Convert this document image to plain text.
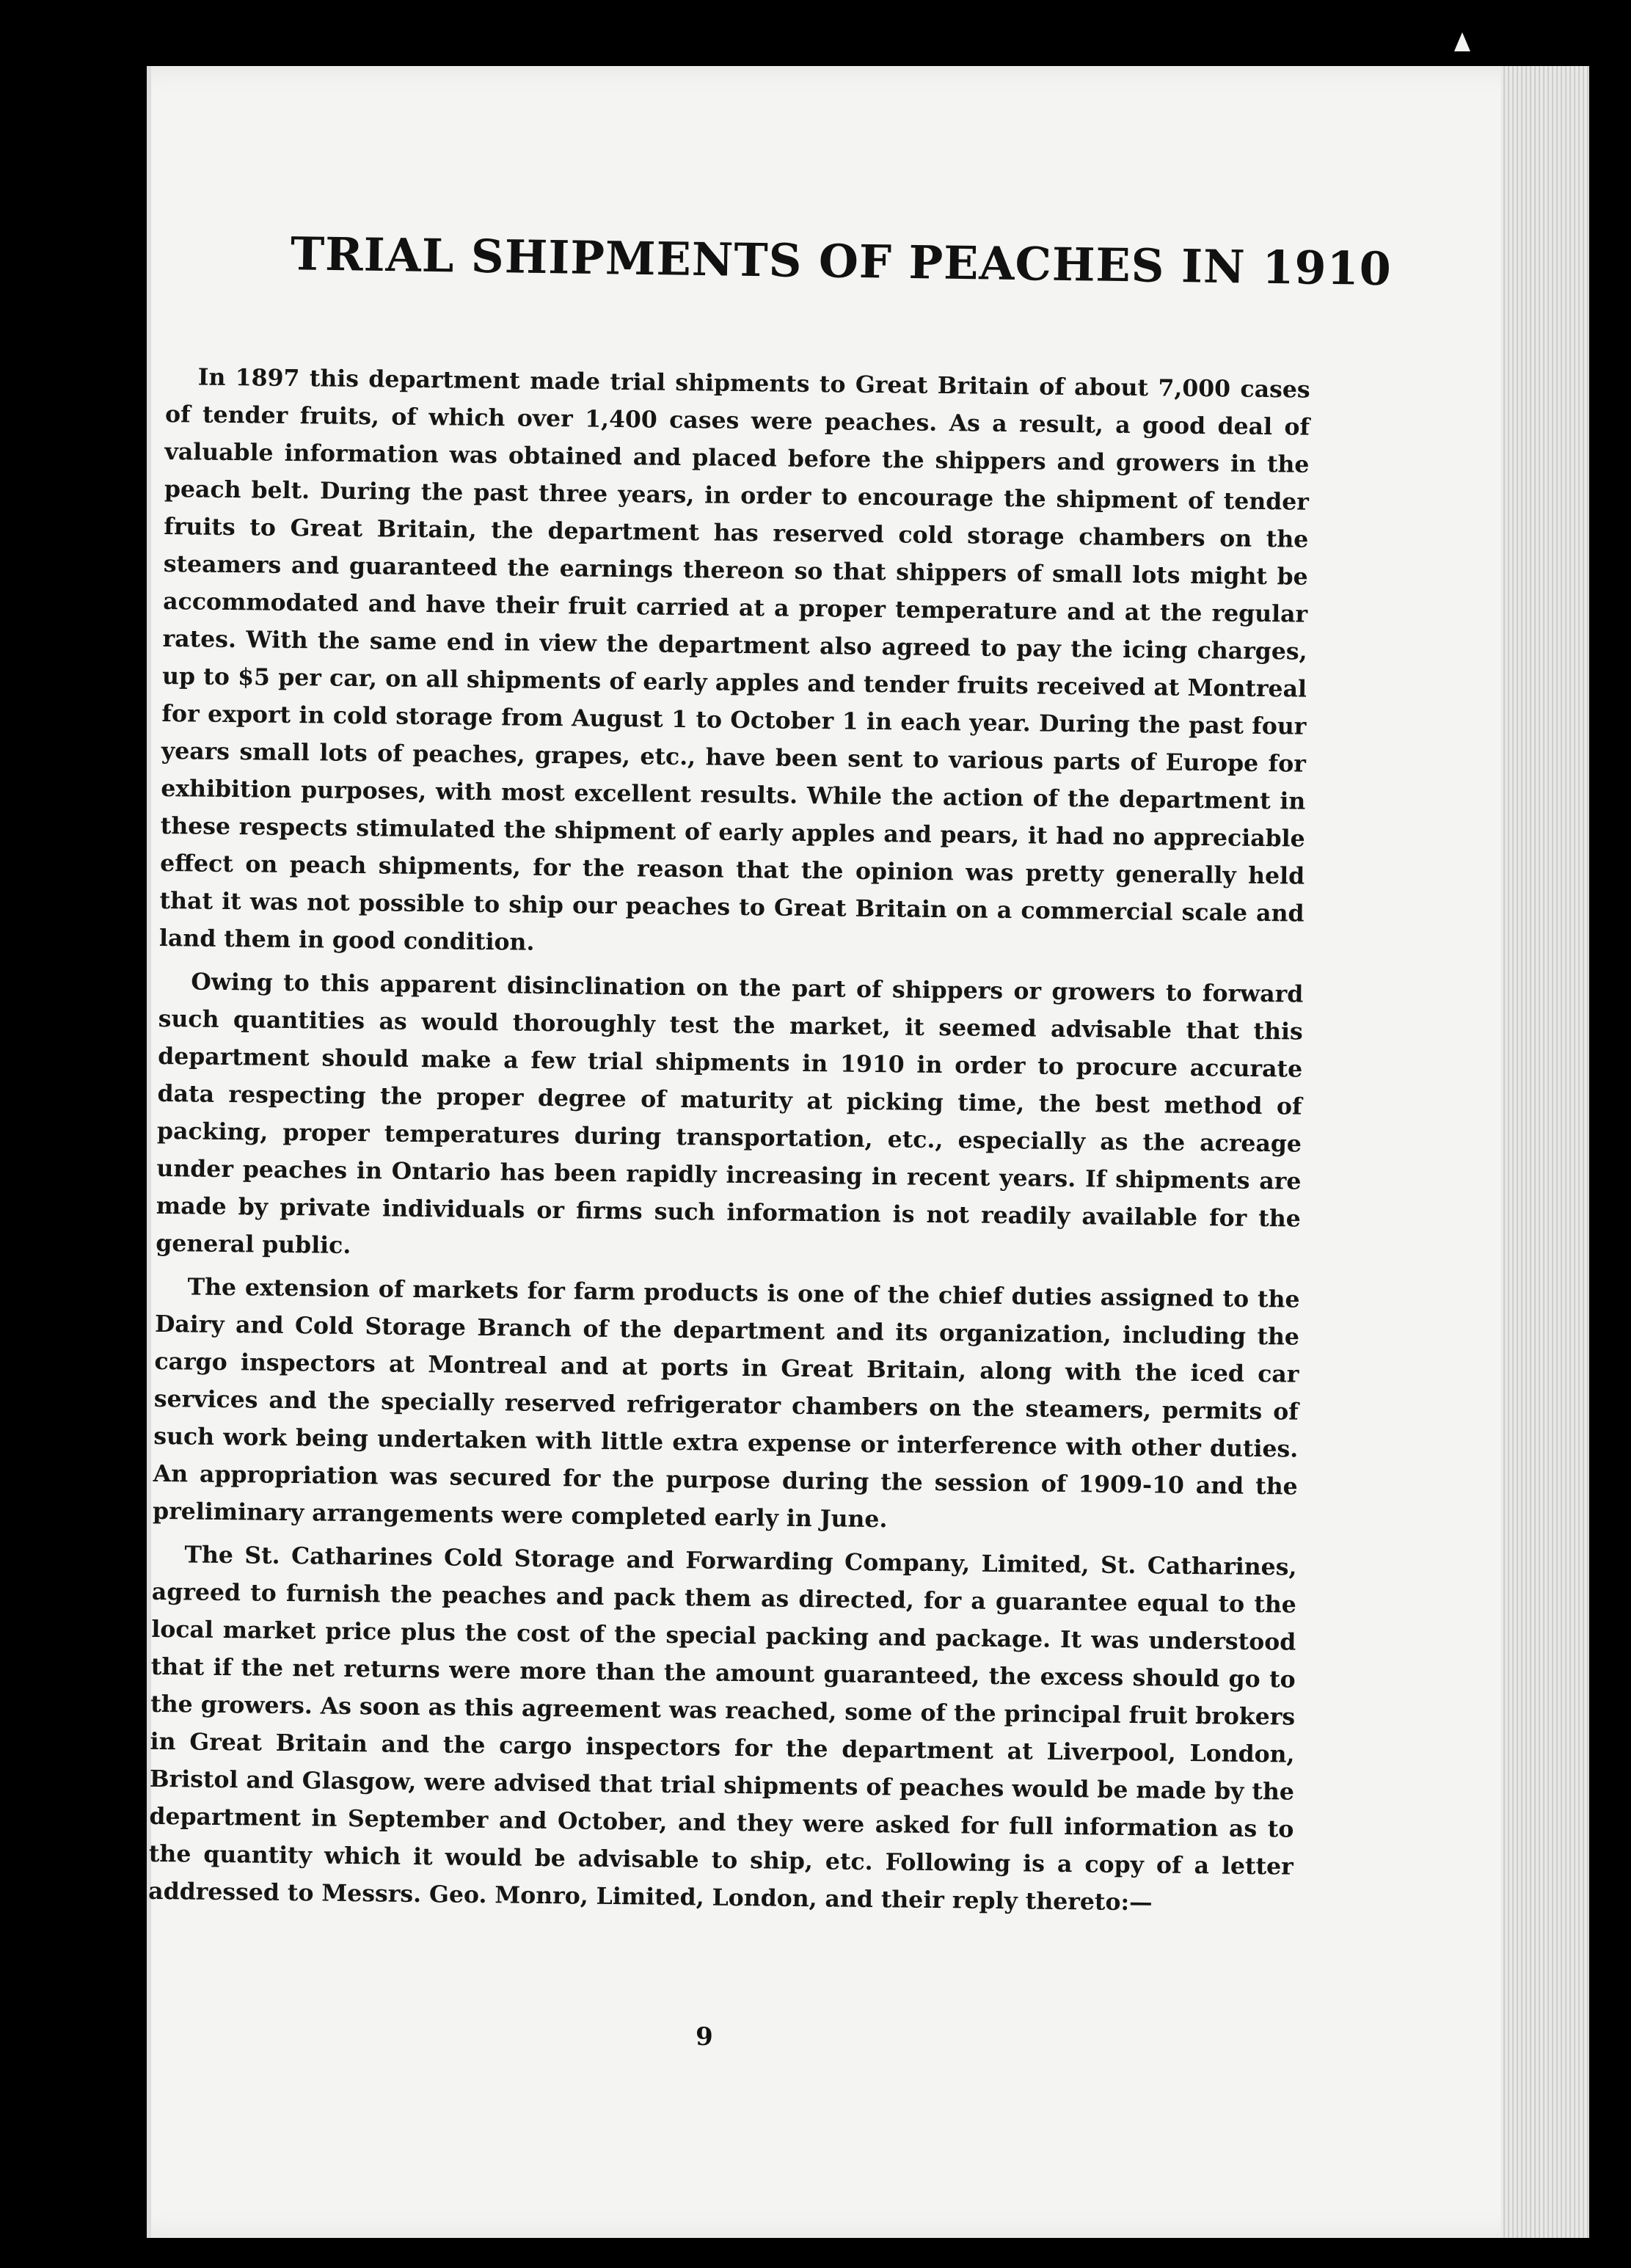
TRIAL SHIPMENTS OF PEACHES IN 1910

In 1897 this department made trial shipments to Great Britain of about 7,000 cases of tender fruits, of which over 1,400 cases were peaches. As a result, a good deal of valuable information was obtained and placed before the shippers and growers in the peach belt. During the past three years, in order to encourage the shipment of tender fruits to Great Britain, the department has reserved cold storage chambers on the steamers and guaranteed the earnings thereon so that shippers of small lots might be accommodated and have their fruit carried at a proper temperature and at the regular rates. With the same end in view the department also agreed to pay the icing charges, up to $5 per car, on all shipments of early apples and tender fruits received at Montreal for export in cold storage from August 1 to October 1 in each year. During the past four years small lots of peaches, grapes, etc., have been sent to various parts of Europe for exhibition purposes, with most excellent results. While the action of the department in these respects stimulated the shipment of early apples and pears, it had no appreciable effect on peach shipments, for the reason that the opinion was pretty generally held that it was not possible to ship our peaches to Great Britain on a commercial scale and land them in good condition.

Owing to this apparent disinclination on the part of shippers or growers to forward such quantities as would thoroughly test the market, it seemed advisable that this department should make a few trial shipments in 1910 in order to procure accurate data respecting the proper degree of maturity at picking time, the best method of packing, proper temperatures during transportation, etc., especially as the acreage under peaches in Ontario has been rapidly increasing in recent years. If shipments are made by private individuals or firms such information is not readily available for the general public.

The extension of markets for farm products is one of the chief duties assigned to the Dairy and Cold Storage Branch of the department and its organization, including the cargo inspectors at Montreal and at ports in Great Britain, along with the iced car services and the specially reserved refrigerator chambers on the steamers, permits of such work being undertaken with little extra expense or interference with other duties. An appropriation was secured for the purpose during the session of 1909-10 and the preliminary arrangements were completed early in June.

The St. Catharines Cold Storage and Forwarding Company, Limited, St. Catharines, agreed to furnish the peaches and pack them as directed, for a guarantee equal to the local market price plus the cost of the special packing and package. It was understood that if the net returns were more than the amount guaranteed, the excess should go to the growers. As soon as this agreement was reached, some of the principal fruit brokers in Great Britain and the cargo inspectors for the department at Liverpool, London, Bristol and Glasgow, were advised that trial shipments of peaches would be made by the department in September and October, and they were asked for full information as to the quantity which it would be advisable to ship, etc. Following is a copy of a letter addressed to Messrs. Geo. Monro, Limited, London, and their reply thereto:—

9
